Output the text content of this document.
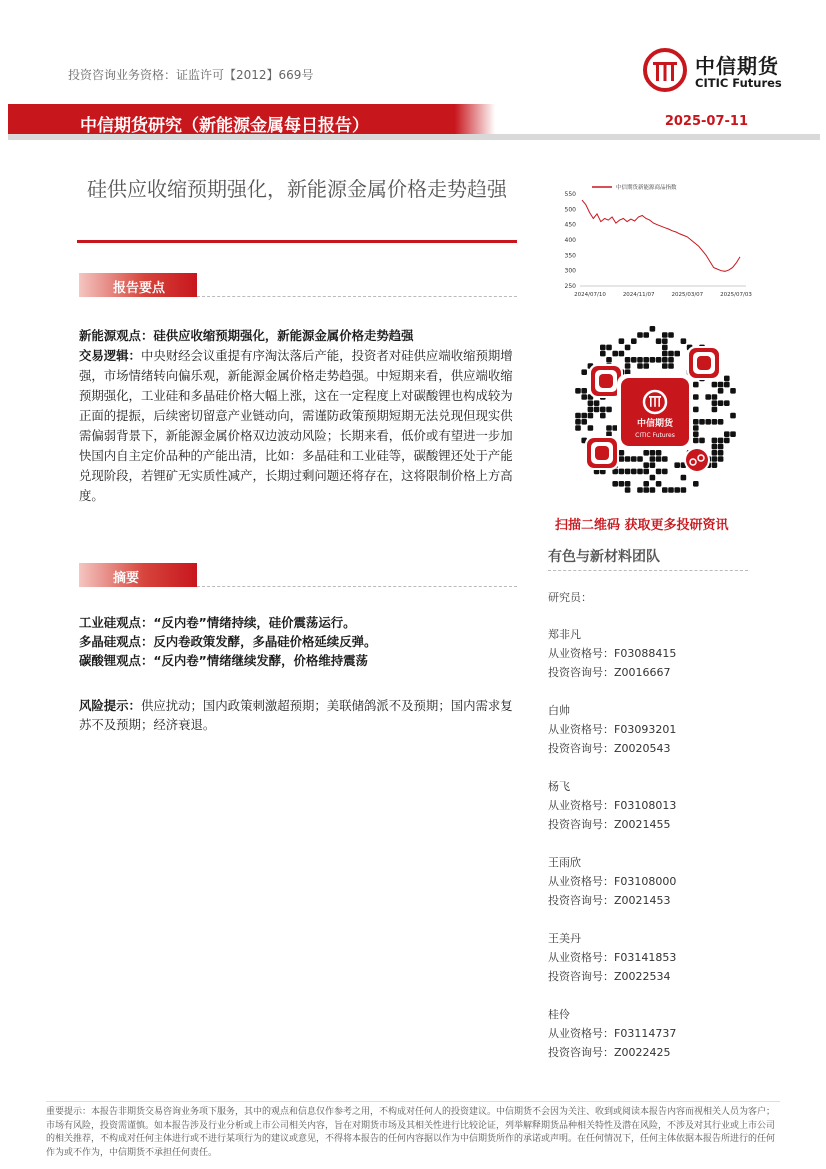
投资咨询业务资格：证监许可【2012】669号	中信期货
CITIC Futures
中信期货研究（新能源金属每日报告）	2025-07-11
硅供应收缩预期强化，新能源金属价格走势趋强
报告要点
新能源观点：硅供应收缩预期强化，新能源金属价格走势趋强
交易逻辑：中央财经会议重提有序淘汰落后产能，投资者对硅供应端收缩预期增强，市场情绪转向偏乐观，新能源金属价格走势趋强。中短期来看，供应端收缩预期强化，工业硅和多晶硅价格大幅上涨，这在一定程度上对碳酸锂也构成较为正面的提振，后续密切留意产业链动向，需谨防政策预期短期无法兑现但现实供需偏弱背景下，新能源金属价格双边波动风险；长期来看，低价或有望进一步加快国内自主定价品种的产能出清，比如：多晶硅和工业硅等，碳酸锂还处于产能兑现阶段，若锂矿无实质性减产，长期过剩问题还将存在，这将限制价格上方高度。
摘要
工业硅观点：“反内卷”情绪持续，硅价震荡运行。
多晶硅观点：反内卷政策发酵，多晶硅价格延续反弹。
碳酸锂观点：“反内卷”情绪继续发酵，价格维持震荡
风险提示：供应扰动；国内政策刺激超预期；美联储鸽派不及预期；国内需求复苏不及预期；经济衰退。
中信期货新能源商品指数
250
300
350
400
450
500
550
2024/07/10	2024/11/07	2025/03/07	2025/07/03
中信期货
CITIC Futures
扫描二维码 获取更多投研资讯
有色与新材料团队
研究员：
郑非凡
从业资格号：F03088415
投资咨询号：Z0016667
白帅
从业资格号：F03093201
投资咨询号：Z0020543
杨飞
从业资格号：F03108013
投资咨询号：Z0021455
王雨欣
从业资格号：F03108000
投资咨询号：Z0021453
王美丹
从业资格号：F03141853
投资咨询号：Z0022534
桂伶
从业资格号：F03114737
投资咨询号：Z0022425
重要提示：本报告非期货交易咨询业务项下服务，其中的观点和信息仅作参考之用，不构成对任何人的投资建议。中信期货不会因为关注、收到或阅读本报告内容而视相关人员为客户；市场有风险，投资需谨慎。如本报告涉及行业分析或上市公司相关内容，旨在对期货市场及其相关性进行比较论证，列举解释期货品种相关特性及潜在风险，不涉及对其行业或上市公司的相关推荐，不构成对任何主体进行或不进行某项行为的建议或意见，不得将本报告的任何内容据以作为中信期货所作的承诺或声明。在任何情况下，任何主体依据本报告所进行的任何作为或不作为，中信期货不承担任何责任。
